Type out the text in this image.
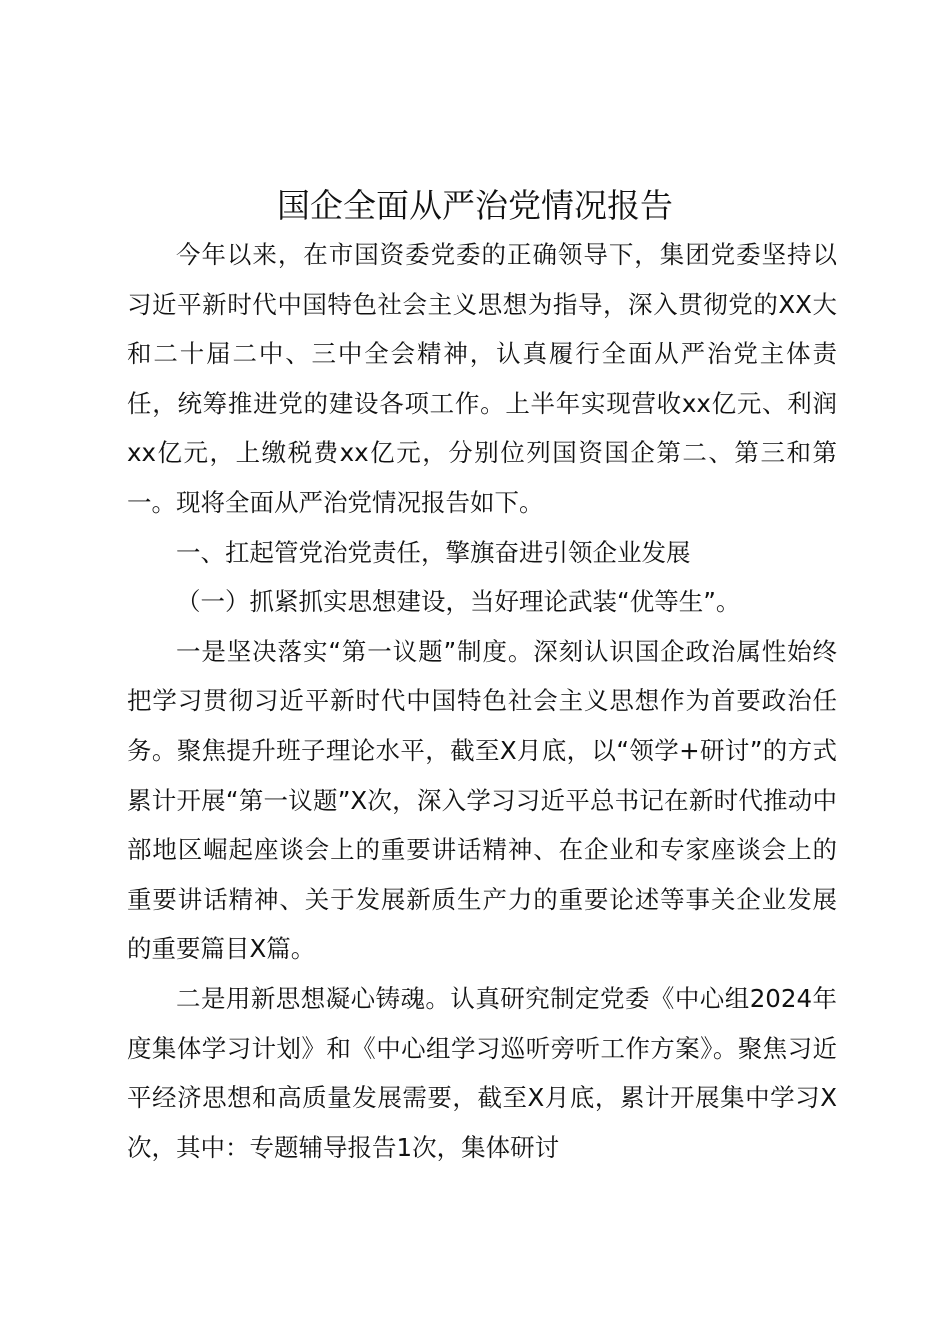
国企全面从严治党情况报告

今年以来，在市国资委党委的正确领导下，集团党委坚持以习近平新时代中国特色社会主义思想为指导，深入贯彻党的XX大和二十届二中、三中全会精神，认真履行全面从严治党主体责任，统筹推进党的建设各项工作。上半年实现营收xx亿元、利润xx亿元，上缴税费xx亿元，分别位列国资国企第二、第三和第一。现将全面从严治党情况报告如下。

一、扛起管党治党责任，擎旗奋进引领企业发展

（一）抓紧抓实思想建设，当好理论武装“优等生”。

一是坚决落实“第一议题”制度。深刻认识国企政治属性始终把学习贯彻习近平新时代中国特色社会主义思想作为首要政治任务。聚焦提升班子理论水平，截至X月底，以“领学+研讨”的方式累计开展“第一议题”X次，深入学习习近平总书记在新时代推动中部地区崛起座谈会上的重要讲话精神、在企业和专家座谈会上的重要讲话精神、关于发展新质生产力的重要论述等事关企业发展的重要篇目X篇。

二是用新思想凝心铸魂。认真研究制定党委《中心组2024年度集体学习计划》和《中心组学习巡听旁听工作方案》。聚焦习近平经济思想和高质量发展需要，截至X月底，累计开展集中学习X次，其中：专题辅导报告1次，集体研讨
